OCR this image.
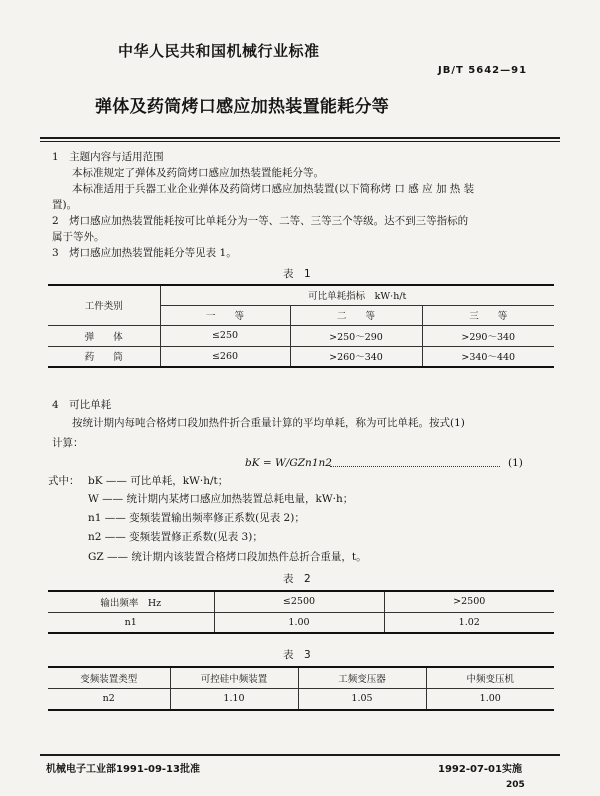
中华人民共和国机械行业标准
JB/T 5642—91
弹体及药筒烤口感应加热装置能耗分等

1　主题内容与适用范围

本标准规定了弹体及药筒烤口感应加热装置能耗分等。

本标准适用于兵器工业企业弹体及药筒烤口感应加热装置(以下简称烤 口 感 应 加 热 装

置)。

2　烤口感应加热装置能耗按可比单耗分为一等、二等、三等三个等级。达不到三等指标的

属于等外。

3　烤口感应加热装置能耗分等见表 1。

表　1
工件类别	可比单耗指标　kW·h/t		
	一　　等	二　　等	三　　等
弹　　体	≤250	>250～290	>290～340
药　　筒	≤260	>260～340	>340～440

4　可比单耗

按统计期内每吨合格烤口段加热件折合重量计算的平均单耗，称为可比单耗。按式(1)

计算：

bK = W/GZn1n2	(1)

式中： bK —— 可比单耗，kW·h/t；

W —— 统计期内某烤口感应加热装置总耗电量，kW·h；

n1 —— 变频装置输出频率修正系数(见表 2)；

n2 —— 变频装置修正系数(见表 3)；

GZ —— 统计期内该装置合格烤口段加热件总折合重量，t。

表　2
输出频率　Hz	≤2500	>2500
n1	1.00	1.02
表　3
变频装置类型	可控硅中频装置	工频变压器	中频变压机
n2	1.10	1.05	1.00
机械电子工业部1991-09-13批准	1992-07-01实施
205
